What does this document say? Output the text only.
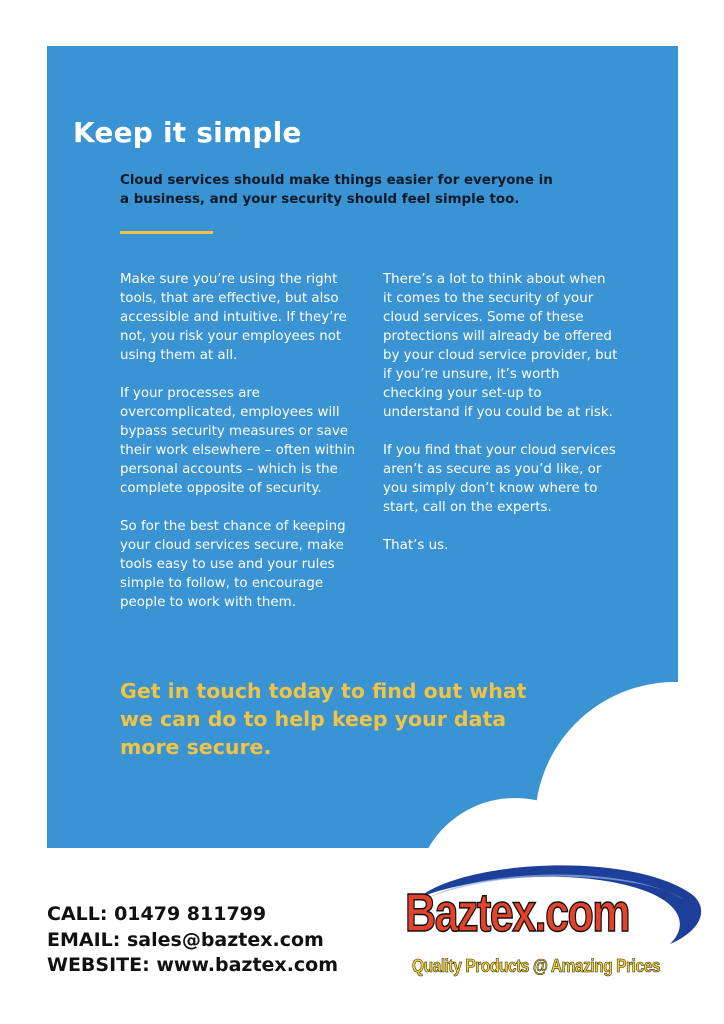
Keep it simple

Cloud services should make things easier for everyone in a business, and your security should feel simple too.

Make sure you’re using the right tools, that are effective, but also accessible and intuitive. If they’re not, you risk your employees not using them at all.

If your processes are overcomplicated, employees will bypass security measures or save their work elsewhere – often within personal accounts – which is the complete opposite of security.

So for the best chance of keeping your cloud services secure, make tools easy to use and your rules simple to follow, to encourage people to work with them.

There’s a lot to think about when it comes to the security of your cloud services. Some of these protections will already be offered by your cloud service provider, but if you’re unsure, it’s worth checking your set-up to understand if you could be at risk.

If you find that your cloud services aren’t as secure as you’d like, or you simply don’t know where to start, call on the experts.

That’s us.

Get in touch today to find out what we can do to help keep your data more secure.

CALL: 01479 811799
EMAIL: sales@baztex.com
WEBSITE: www.baztex.com
Baztex.com
Quality Products @ Amazing Prices
